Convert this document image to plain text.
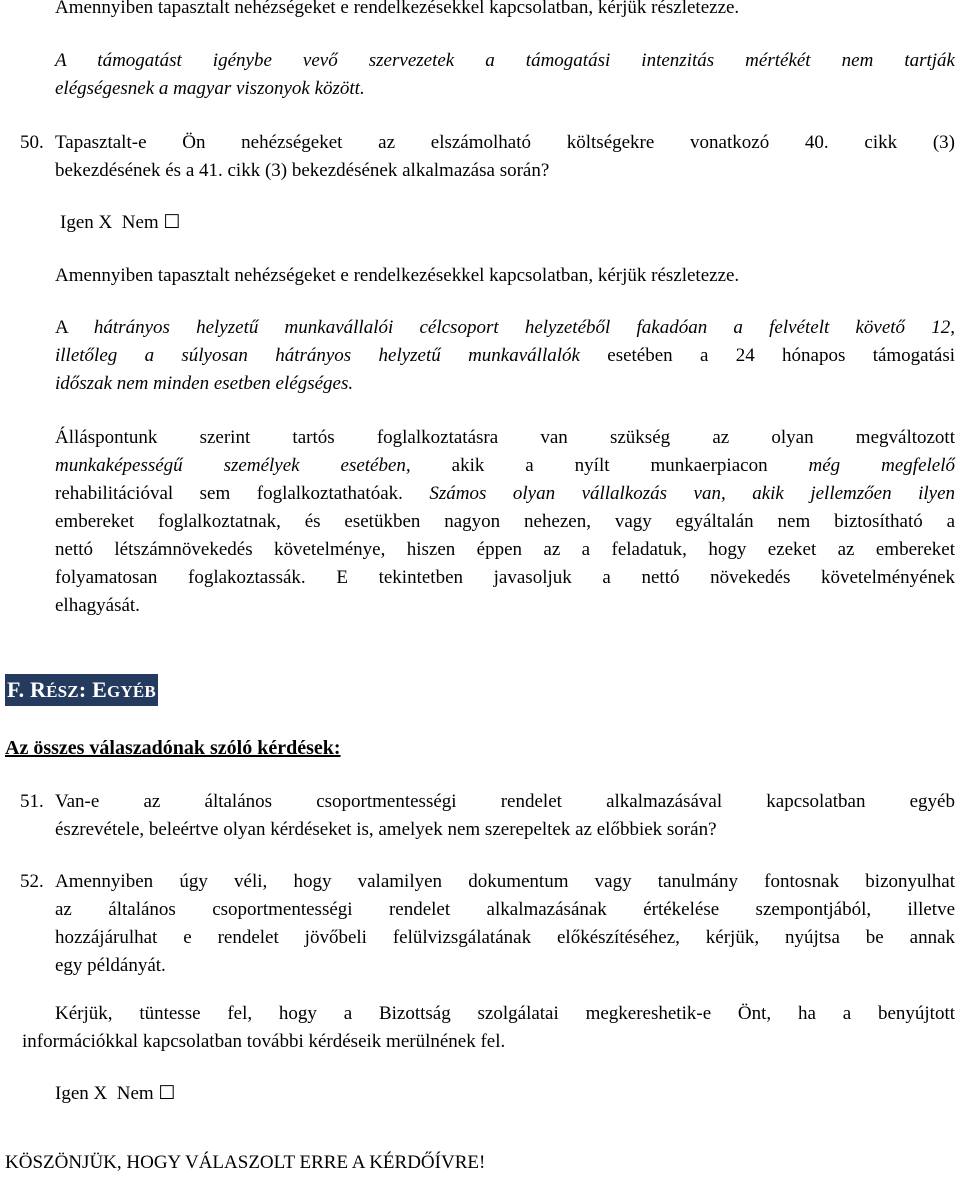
Amennyiben tapasztalt nehézségeket e rendelkezésekkel kapcsolatban, kérjük részletezze.

A támogatást igénybe vevő szervezetek a támogatási intenzitás mértékét nem tartják
elégségesnek a magyar viszonyok között.
50. Tapasztalt-e Ön nehézségeket az elszámolható költségekre vonatkozó 40. cikk (3)
bekezdésének és a 41. cikk (3) bekezdésének alkalmazása során?

Igen X  Nem ☐

Amennyiben tapasztalt nehézségeket e rendelkezésekkel kapcsolatban, kérjük részletezze.

A hátrányos helyzetű munkavállalói célcsoport helyzetéből fakadóan a felvételt követő 12,
illetőleg a súlyosan hátrányos helyzetű munkavállalók esetében a 24 hónapos támogatási
időszak nem minden esetben elégséges.
Álláspontunk szerint tartós foglalkoztatásra van szükség az olyan megváltozott
munkaképességű személyek esetében, akik a nyílt munkaerpiacon még megfelelő
rehabilitációval sem foglalkoztathatóak. Számos olyan vállalkozás van, akik jellemzően ilyen
embereket foglalkoztatnak, és esetükben nagyon nehezen, vagy egyáltalán nem biztosítható a
nettó létszámnövekedés követelménye, hiszen éppen az a feladatuk, hogy ezeket az embereket
folyamatosan foglakoztassák. E tekintetben javasoljuk a nettó növekedés követelményének
elhagyását.
F. RÉSZ: EGYÉB

Az összes válaszadónak szóló kérdések:

51. Van-e az általános csoportmentességi rendelet alkalmazásával kapcsolatban egyéb
észrevétele, beleértve olyan kérdéseket is, amelyek nem szerepeltek az előbbiek során?
52. Amennyiben úgy véli, hogy valamilyen dokumentum vagy tanulmány fontosnak bizonyulhat
az általános csoportmentességi rendelet alkalmazásának értékelése szempontjából, illetve
hozzájárulhat e rendelet jövőbeli felülvizsgálatának előkészítéséhez, kérjük, nyújtsa be annak
egy példányát.
Kérjük, tüntesse fel, hogy a Bizottság szolgálatai megkereshetik-e Önt, ha a benyújtott
információkkal kapcsolatban további kérdéseik merülnének fel.

Igen X  Nem ☐

KÖSZÖNJÜK, HOGY VÁLASZOLT ERRE A KÉRDŐÍVRE!
